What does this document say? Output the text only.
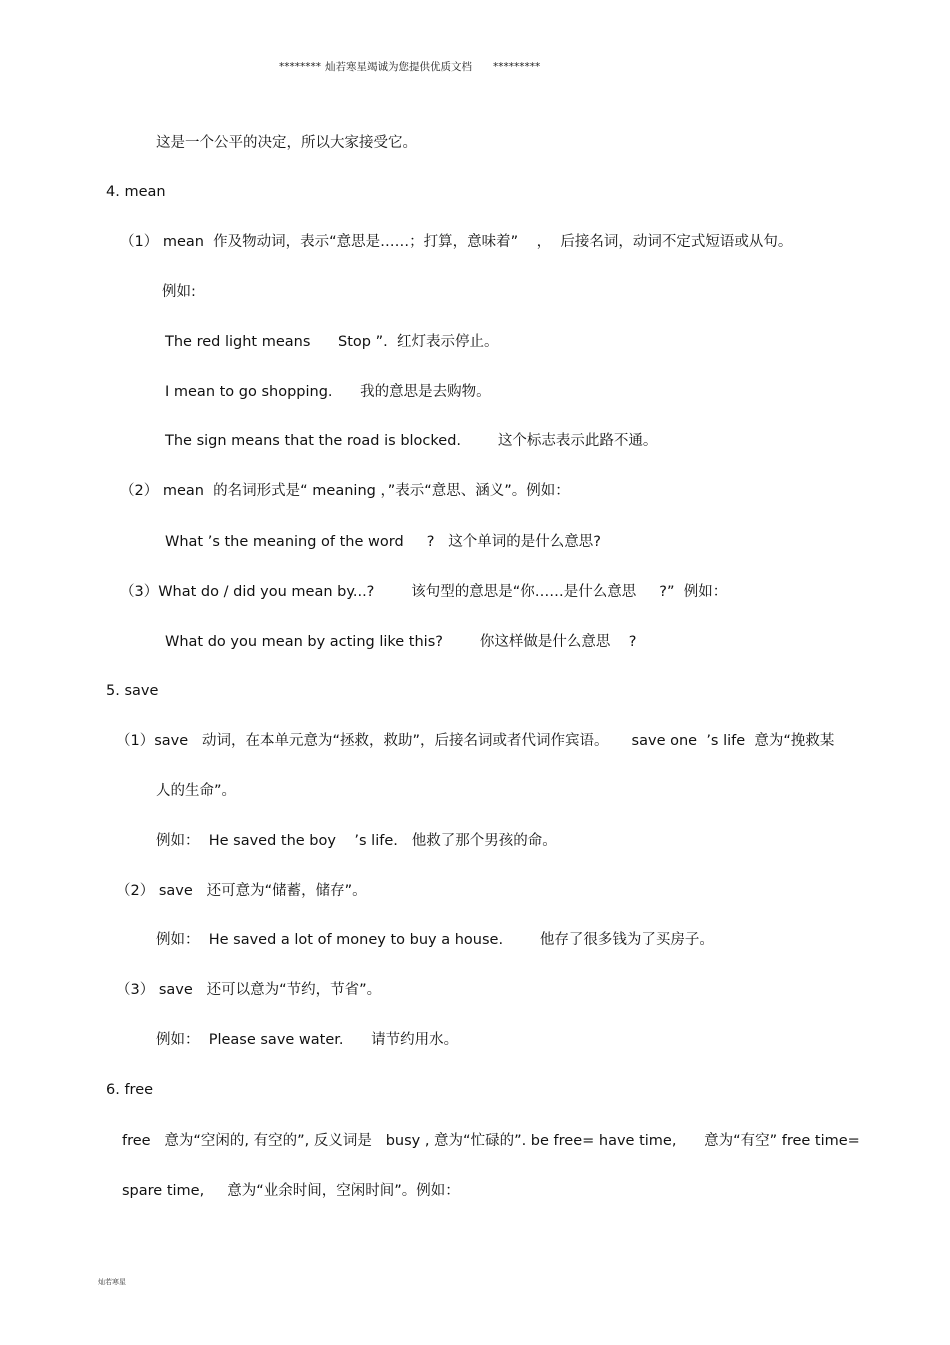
******** 灿若寒星竭诚为您提供优质文档 *********
这是一个公平的决定，所以大家接受它。
4. mean
（1） mean  作及物动词，表示“意思是……；打算，意味着”    ，  后接名词，动词不定式短语或从句。
例如:
The red light means      Stop ”.  红灯表示停止。
I mean to go shopping.      我的意思是去购物。
The sign means that the road is blocked.        这个标志表示此路不通。
（2） mean  的名词形式是“ meaning ，”表示“意思、涵义”。例如：
What ’s the meaning of the word     ?   这个单词的是什么意思?
（3）What do / did you mean by...?        该句型的意思是“你……是什么意思     ?”  例如：
What do you mean by acting like this?        你这样做是什么意思    ?
5. save
（1）save   动词，在本单元意为“拯救，救助”，后接名词或者代词作宾语。     save one  ’s life  意为“挽救某
人的生命”。
例如：  He saved the boy    ’s life.   他救了那个男孩的命。
（2） save   还可意为“储蓄，储存”。
例如：  He saved a lot of money to buy a house.        他存了很多钱为了买房子。
（3） save   还可以意为“节约，节省”。
例如：  Please save water.      请节约用水。
6. free
free   意为“空闲的, 有空的”, 反义词是   busy , 意为“忙碌的”. be free= have time,      意为“有空” free time=
spare time,     意为“业余时间，空闲时间”。例如：
灿若寒星
